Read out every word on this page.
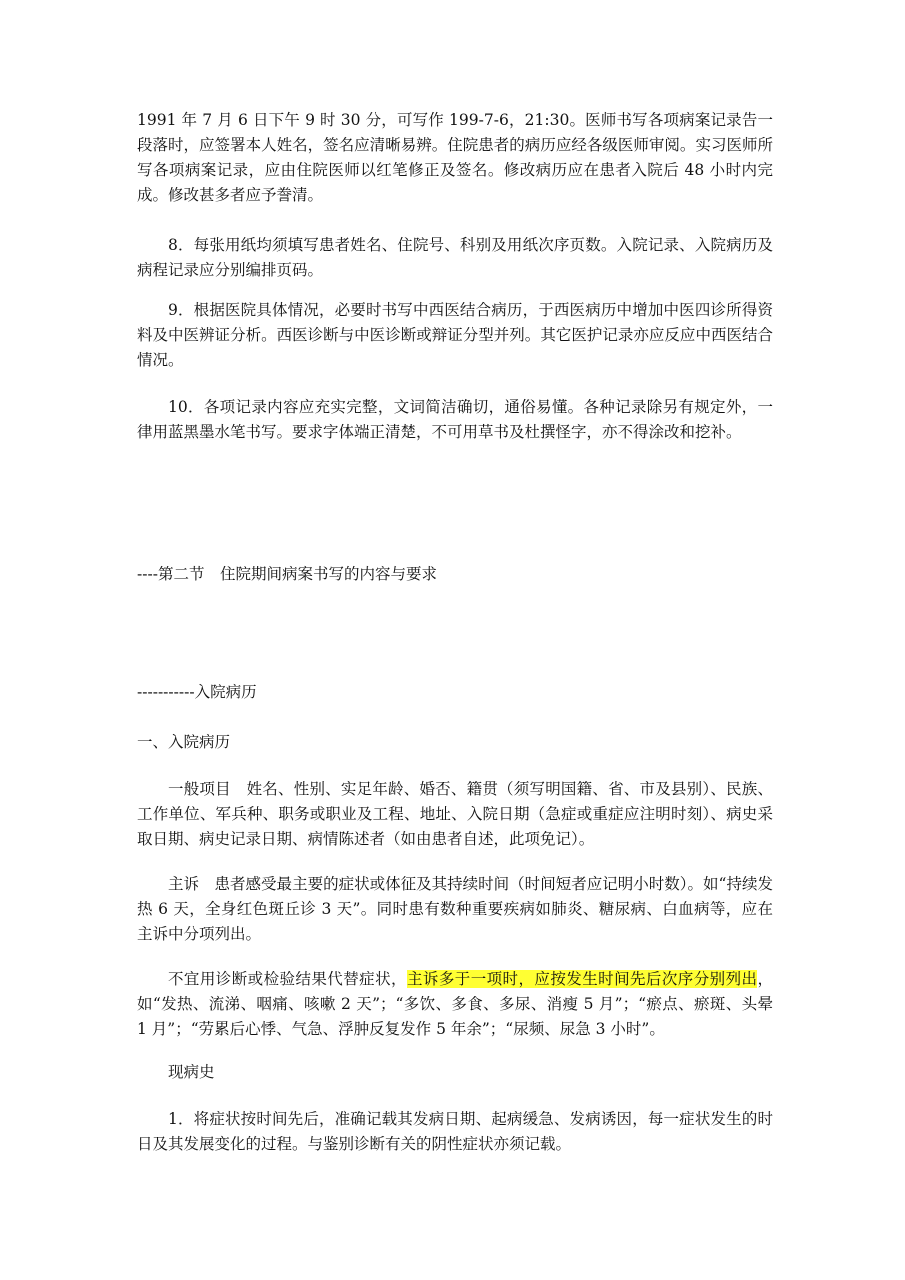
1991 年 7 月 6 日下午 9 时 30 分，可写作 199-7-6，21:30。医师书写各项病案记录告一段落时，应签署本人姓名，签名应清晰易辨。住院患者的病历应经各级医师审阅。实习医师所写各项病案记录，应由住院医师以红笔修正及签名。修改病历应在患者入院后 48 小时内完成。修改甚多者应予誊清。

8．每张用纸均须填写患者姓名、住院号、科别及用纸次序页数。入院记录、入院病历及病程记录应分别编排页码。

9．根据医院具体情况，必要时书写中西医结合病历，于西医病历中增加中医四诊所得资料及中医辨证分析。西医诊断与中医诊断或辩证分型并列。其它医护记录亦应反应中西医结合情况。

10．各项记录内容应充实完整，文词简洁确切，通俗易懂。各种记录除另有规定外，一律用蓝黑墨水笔书写。要求字体端正清楚，不可用草书及杜撰怪字，亦不得涂改和挖补。

----第二节　住院期间病案书写的内容与要求

-----------入院病历

一、入院病历

一般项目　姓名、性别、实足年龄、婚否、籍贯（须写明国籍、省、市及县别）、民族、工作单位、军兵种、职务或职业及工程、地址、入院日期（急症或重症应注明时刻）、病史采取日期、病史记录日期、病情陈述者（如由患者自述，此项免记）。

主诉　患者感受最主要的症状或体征及其持续时间（时间短者应记明小时数）。如“持续发热 6 天，全身红色斑丘诊 3 天”。同时患有数种重要疾病如肺炎、糖尿病、白血病等，应在主诉中分项列出。

不宜用诊断或检验结果代替症状，主诉多于一项时，应按发生时间先后次序分别列出，如“发热、流涕、咽痛、咳嗽 2 天”；“多饮、多食、多尿、消瘦 5 月”；“瘀点、瘀斑、头晕 1 月”；“劳累后心悸、气急、浮肿反复发作 5 年余”；“尿频、尿急 3 小时”。

现病史

1．将症状按时间先后，准确记载其发病日期、起病缓急、发病诱因，每一症状发生的时日及其发展变化的过程。与鉴别诊断有关的阴性症状亦须记载。
